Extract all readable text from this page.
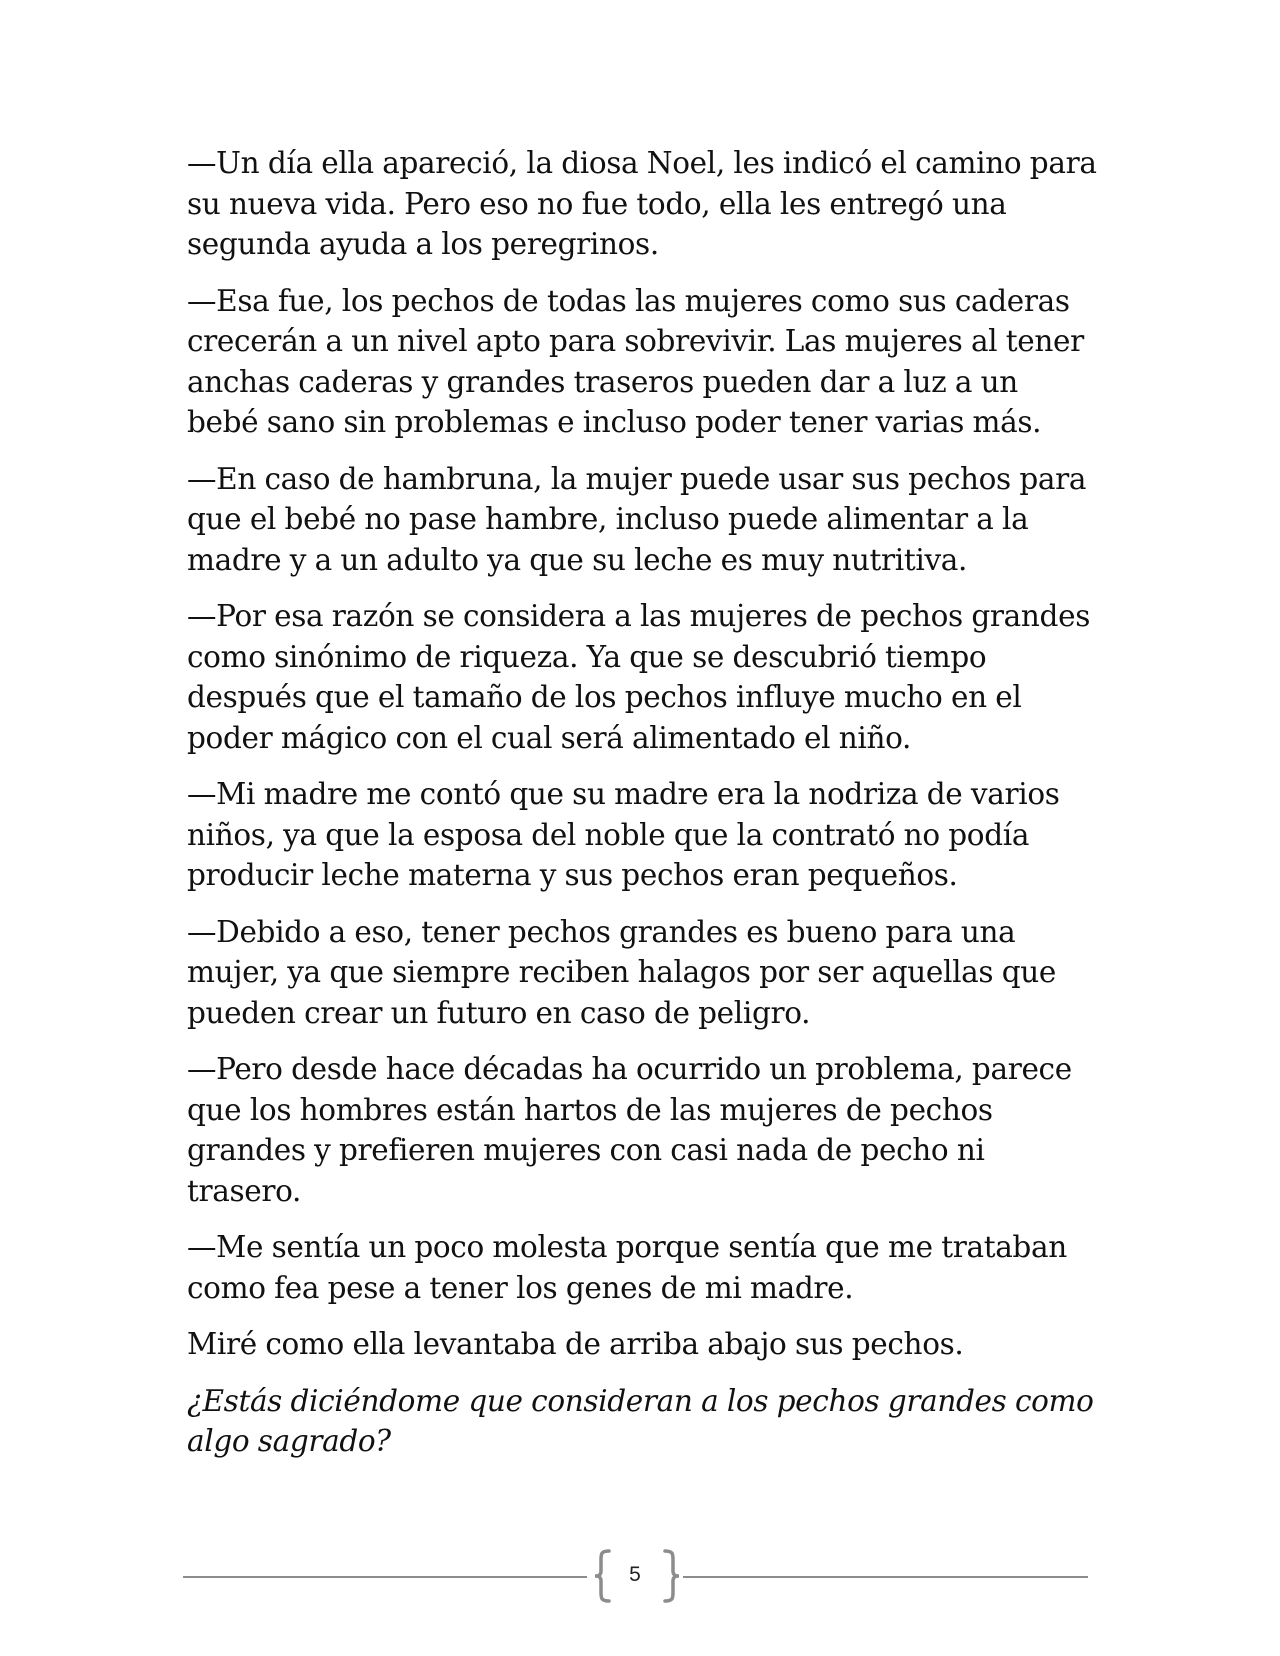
—Un día ella apareció, la diosa Noel, les indicó el camino para su nueva vida. Pero eso no fue todo, ella les entregó una segunda ayuda a los peregrinos.

—Esa fue, los pechos de todas las mujeres como sus caderas crecerán a un nivel apto para sobrevivir. Las mujeres al tener anchas caderas y grandes traseros pueden dar a luz a un bebé sano sin problemas e incluso poder tener varias más.

—En caso de hambruna, la mujer puede usar sus pechos para que el bebé no pase hambre, incluso puede alimentar a la madre y a un adulto ya que su leche es muy nutritiva.

—Por esa razón se considera a las mujeres de pechos grandes como sinónimo de riqueza. Ya que se descubrió tiempo después que el tamaño de los pechos influye mucho en el poder mágico con el cual será alimentado el niño.

—Mi madre me contó que su madre era la nodriza de varios niños, ya que la esposa del noble que la contrató no podía producir leche materna y sus pechos eran pequeños.

—Debido a eso, tener pechos grandes es bueno para una mujer, ya que siempre reciben halagos por ser aquellas que pueden crear un futuro en caso de peligro.

—Pero desde hace décadas ha ocurrido un problema, parece que los hombres están hartos de las mujeres de pechos grandes y prefieren mujeres con casi nada de pecho ni trasero.

—Me sentía un poco molesta porque sentía que me trataban como fea pese a tener los genes de mi madre.

Miré como ella levantaba de arriba abajo sus pechos.

¿Estás diciéndome que consideran a los pechos grandes como algo sagrado?

5
